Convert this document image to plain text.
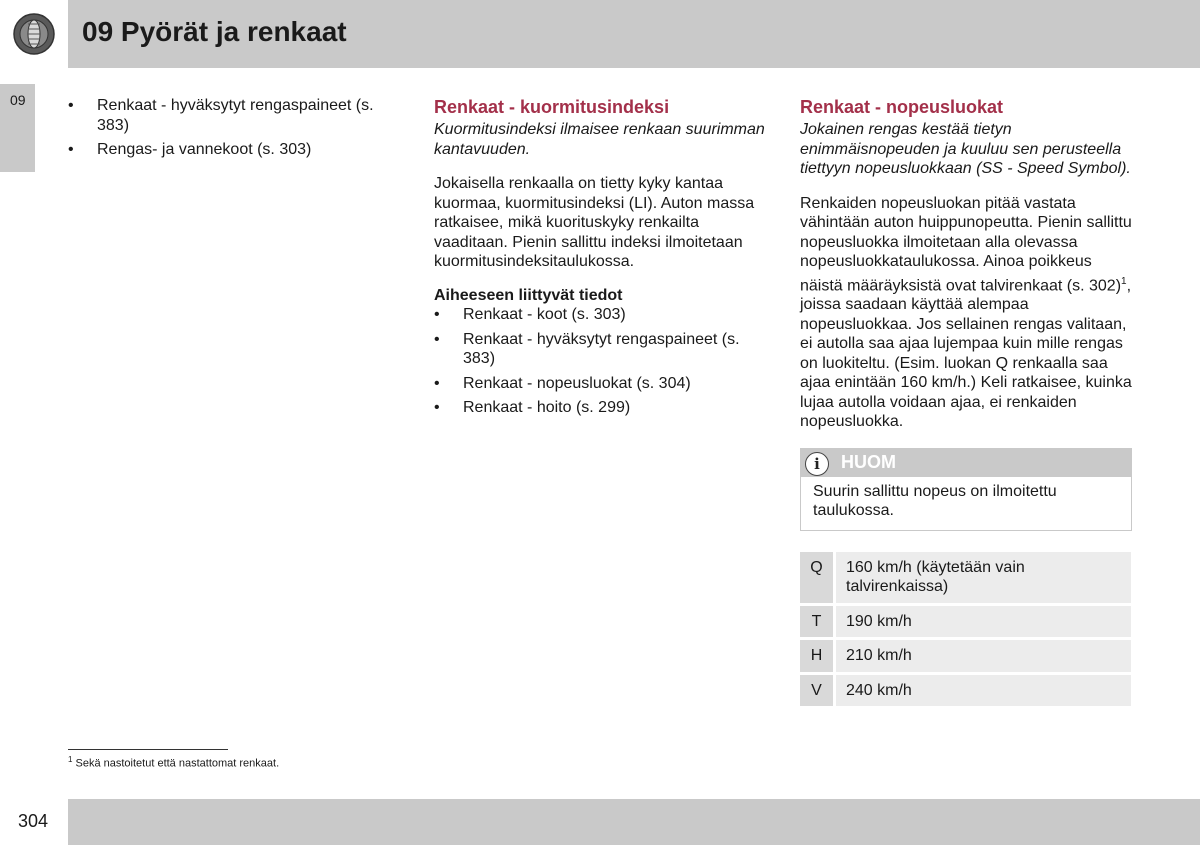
09 Pyörät ja renkaat
09	• Renkaat - hyväksytyt rengaspaineet (s. 383)
• Rengas- ja vannekoot (s. 303)
Renkaat - kuormitusindeksi

Kuormitusindeksi ilmaisee renkaan suurimman kantavuuden.

Jokaisella renkaalla on tietty kyky kantaa kuormaa, kuormitusindeksi (LI). Auton massa ratkaisee, mikä kuorituskyky renkailta vaaditaan. Pienin sallittu indeksi ilmoitetaan kuormitusindeksitaulukossa.

Aiheeseen liittyvät tiedot

• Renkaat - koot (s. 303)
• Renkaat - hyväksytyt rengaspaineet (s. 383)
• Renkaat - nopeusluokat (s. 304)
• Renkaat - hoito (s. 299)
Renkaat - nopeusluokat

Jokainen rengas kestää tietyn enimmäisnopeuden ja kuuluu sen perusteella tiettyyn nopeusluokkaan (SS - Speed Symbol).

Renkaiden nopeusluokan pitää vastata vähintään auton huippunopeutta. Pienin sallittu nopeusluokka ilmoitetaan alla olevassa nopeusluokkataulukossa. Ainoa poikkeus näistä määräyksistä ovat talvirenkaat (s. 302)$^1$, joissa saadaan käyttää alempaa nopeusluokkaa. Jos sellainen rengas valitaan, ei autolla saa ajaa lujempaa kuin mille rengas on luokiteltu. (Esim. luokan Q renkaalla saa ajaa enintään 160 km/h.) Keli ratkaisee, kuinka lujaa autolla voidaan ajaa, ei renkaiden nopeusluokka.

i	HUOM
Suurin sallittu nopeus on ilmoitettu taulukossa.
Q	160 km/h (käytetään vain talvirenkaissa)
T	190 km/h
H	210 km/h
V	240 km/h
$^1$ Sekä nastoitetut että nastattomat renkaat.
304
